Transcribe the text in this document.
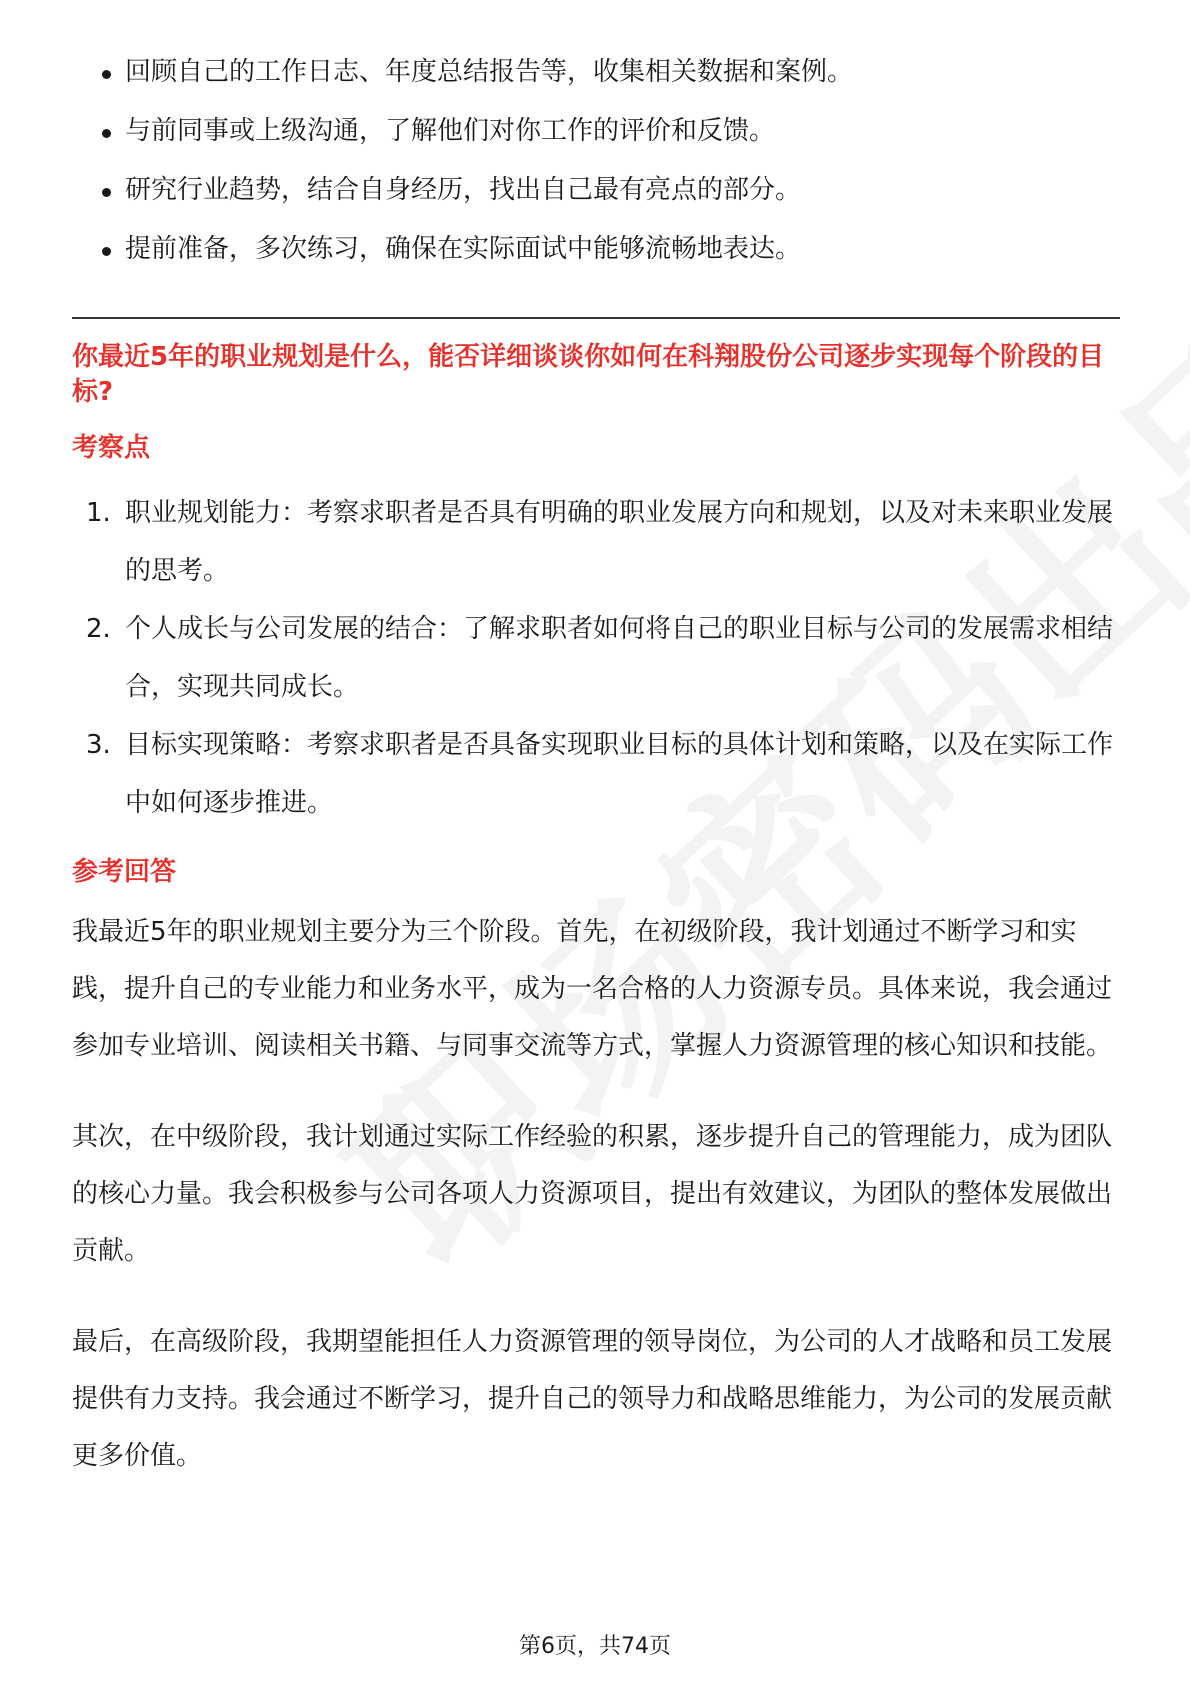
回顾自己的工作日志、年度总结报告等，收集相关数据和案例。
与前同事或上级沟通，了解他们对你工作的评价和反馈。
研究行业趋势，结合自身经历，找出自己最有亮点的部分。
提前准备，多次练习，确保在实际面试中能够流畅地表达。
你最近5年的职业规划是什么，能否详细谈谈你如何在科翔股份公司逐步实现每个阶段的目标?
考察点
1. 职业规划能力：考察求职者是否具有明确的职业发展方向和规划，以及对未来职业发展的思考。
2. 个人成长与公司发展的结合：了解求职者如何将自己的职业目标与公司的发展需求相结合，实现共同成长。
3. 目标实现策略：考察求职者是否具备实现职业目标的具体计划和策略，以及在实际工作中如何逐步推进。
参考回答

我最近5年的职业规划主要分为三个阶段。首先，在初级阶段，我计划通过不断学习和实践，提升自己的专业能力和业务水平，成为一名合格的人力资源专员。具体来说，我会通过参加专业培训、阅读相关书籍、与同事交流等方式，掌握人力资源管理的核心知识和技能。

其次，在中级阶段，我计划通过实际工作经验的积累，逐步提升自己的管理能力，成为团队的核心力量。我会积极参与公司各项人力资源项目，提出有效建议，为团队的整体发展做出贡献。

最后，在高级阶段，我期望能担任人力资源管理的领导岗位，为公司的人才战略和员工发展提供有力支持。我会通过不断学习，提升自己的领导力和战略思维能力，为公司的发展贡献更多价值。

第6页，共74页
